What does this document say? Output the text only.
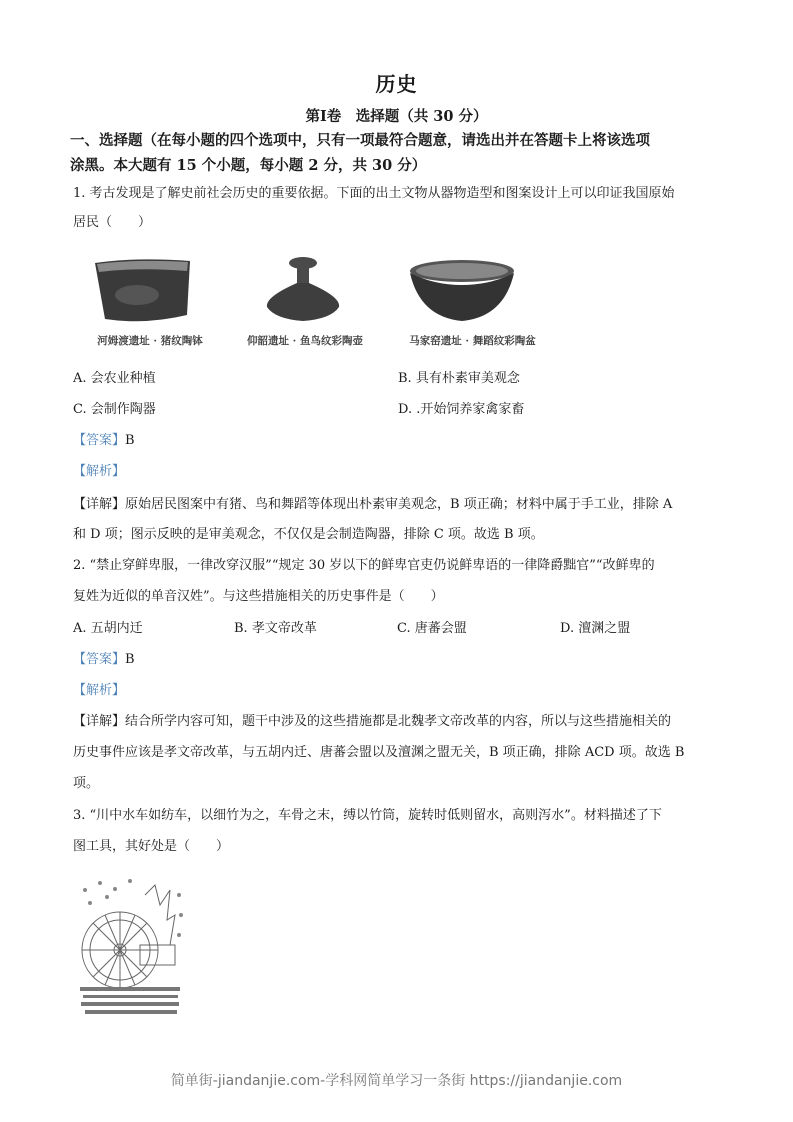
历史
第Ⅰ卷　选择题（共 30 分）
一、选择题（在每小题的四个选项中，只有一项最符合题意，请选出并在答题卡上将该选项
涂黑。本大题有 15 个小题，每小题 2 分，共 30 分）
1. 考古发现是了解史前社会历史的重要依据。下面的出土文物从器物造型和图案设计上可以印证我国原始
居民（　　）
河姆渡遗址 · 猪纹陶钵	仰韶遗址 · 鱼鸟纹彩陶壶	马家窑遗址 · 舞蹈纹彩陶盆
A. 会农业种植	B. 具有朴素审美观念
C. 会制作陶器	D. .开始饲养家禽家畜
【答案】B
【解析】
【详解】原始居民图案中有猪、鸟和舞蹈等体现出朴素审美观念，B 项正确；材料中属于手工业，排除 A
和 D 项；图示反映的是审美观念，不仅仅是会制造陶器，排除 C 项。故选 B 项。
2. “禁止穿鲜卑服，一律改穿汉服”“规定 30 岁以下的鲜卑官吏仍说鲜卑语的一律降爵黜官”“改鲜卑的
复姓为近似的单音汉姓”。与这些措施相关的历史事件是（　　）
A. 五胡内迁	B. 孝文帝改革	C. 唐蕃会盟	D. 澶渊之盟
【答案】B
【解析】
【详解】结合所学内容可知，题干中涉及的这些措施都是北魏孝文帝改革的内容，所以与这些措施相关的
历史事件应该是孝文帝改革，与五胡内迁、唐蕃会盟以及澶渊之盟无关，B 项正确，排除 ACD 项。故选 B
项。
3. “川中水车如纺车，以细竹为之，车骨之末，缚以竹筒，旋转时低则留水，高则泻水”。材料描述了下
图工具，其好处是（　　）
简单街-jiandanjie.com-学科网简单学习一条街 https://jiandanjie.com
